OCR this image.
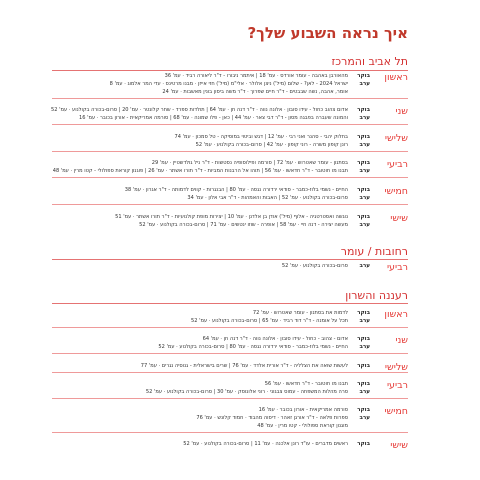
איך נראה השבוע שלך?
תל אביב והמרכז
ראשון
בוקר
מהאורבן באהבה - עומר אורדס · עמ' 18 | איתמר ניבורו - ד"ר ליאורה רביד · עמ' 36
ערב
ישראל 2024 - לאן? - שלום (מיל') ניצן אלולר · אלי"מ (מיל') חזי אייזן · מבנו מרטינס · עדי המר אלמוג · עמ' 8
אומר, אהבה, נשה שבבטים - ד"ר חיים שפרוך · ד"ר משה ביסון בונין מאשבות · עמ' 24
שני
בוקר
אדום צהוב כחול - עידו סובון · אלונה נווה · ד"ר דנה חן · עמ' 64 | תולדות ספרד - שחר קלונטר · עמ' 20 | סרום-בכורה בקולנוע · עמ' 52
ערב
והמונה שעברה בפבגה מסון - ד"ר דבי צאר · עמ' 44 | כאן - פלו שמונה · עמ' 68 | סורמה אמריקאית - אורון בכובר · עמ' 16
שלישי
בוקר
בחלוק יהבי - סהנר ואני רבי · עמ' 12 | דגש וביטוי במוסיקה - טל סמכון · עמ' 74
ערב
רונן קופון משרה - רוני קופון · עמ' 42 | סרום-בכורה בקולנוע · עמ' 52
רביעי
בוקר
בסתנון - עומר שאטרוש · עמ' 72 | סורמה ופילוסופיה נסטשות - ד"ר ניל גולדשטיין · עמ' 29
ערב
תבנו מו חוטובר - ד"ר חדאשו · עמ' 56 | תוהו אל הרבנות המביות - ד"ר תורו אשתר · עמ' 26 | פוגנון קוראת ספולולי - קטו מרין · עמ' 48
חמישי
בוקר
החיים - נשמי בלוז-כמבר - סודאי ירדורה נגסה · עמ' 80 | הבנגרות - קווים לדמותה - ד"ר אגרון · עמ' 38
ערב
סרום-בכורה בקולנוע · עמ' 52 | האבות והאמהות - ד"ר אבי אלון · עמ' 34
שישי
בוקר
נוגשה ואסטרטגיה - אלוף (מיל') אודן בן אלדנן · עמ' 10 | יצירות מופת קולנועיות - ד"ר תורו אשתר · עמ' 51
ערב
מעשה יצירה - דנה חיי · עמ' 58 | אופרה - שוזו ינטשים · עמ' 71 | סרום-בכורה בקולנוע · עמ' 52
רחובות / עומר
רביעי
ערב
סרום-בכורה בקולנוע · עמ' 52
רעננה והשרון
ראשון
בוקר
לדמות את בסתנון - עומר שאטרוש · עמ' 72
ערב
תכל על אומנה - ד"ר דוד רביד · עמ' 65 | סרום-בכורה בקולנוע · עמ' 52
שני
בוקר
אדום - צהוב - כחול - עידו סובון · אלונה נווה · ד"ר דנה חן · עמ' 64
ערב
החיים - נשמי בלוז-כמבר - סודאי ירדורה נגסה · עמ' 80 | סרום-בכורה בקולנוע · עמ' 52
שלישי
בוקר
לעשות שואה את הצלליה - ד"ר אורית אלדד · עמ' 76 | שרים בישראלית - גנוסיה נגרים · עמ' 77
רביעי
בוקר
תבנו מו חוטובר - ד"ר חדאשו · עמ' 56
ערב
סרה מהלות המשפחה - עמוס צבגוני · רוני אלונוסק · עמ' 30 | סרום-בכורה בקולנוע · עמ' 52
חמישי
בוקר
סורמה אמריקאית - אורון בכובר · עמ' 16
ערב
ספרות פלאה - ד"ר אורגן זאהר · דיסוה מהבוד · חמוד קלונש · עמ' 76
מוגנון קוראת ספולולי - קטו מרין · עמ' 48
שישי
בוקר
ראשים מדברים - עו"ד רונן אלכנה · עמ' 11 | סרום-בכורה בקולנוע · עמ' 52
